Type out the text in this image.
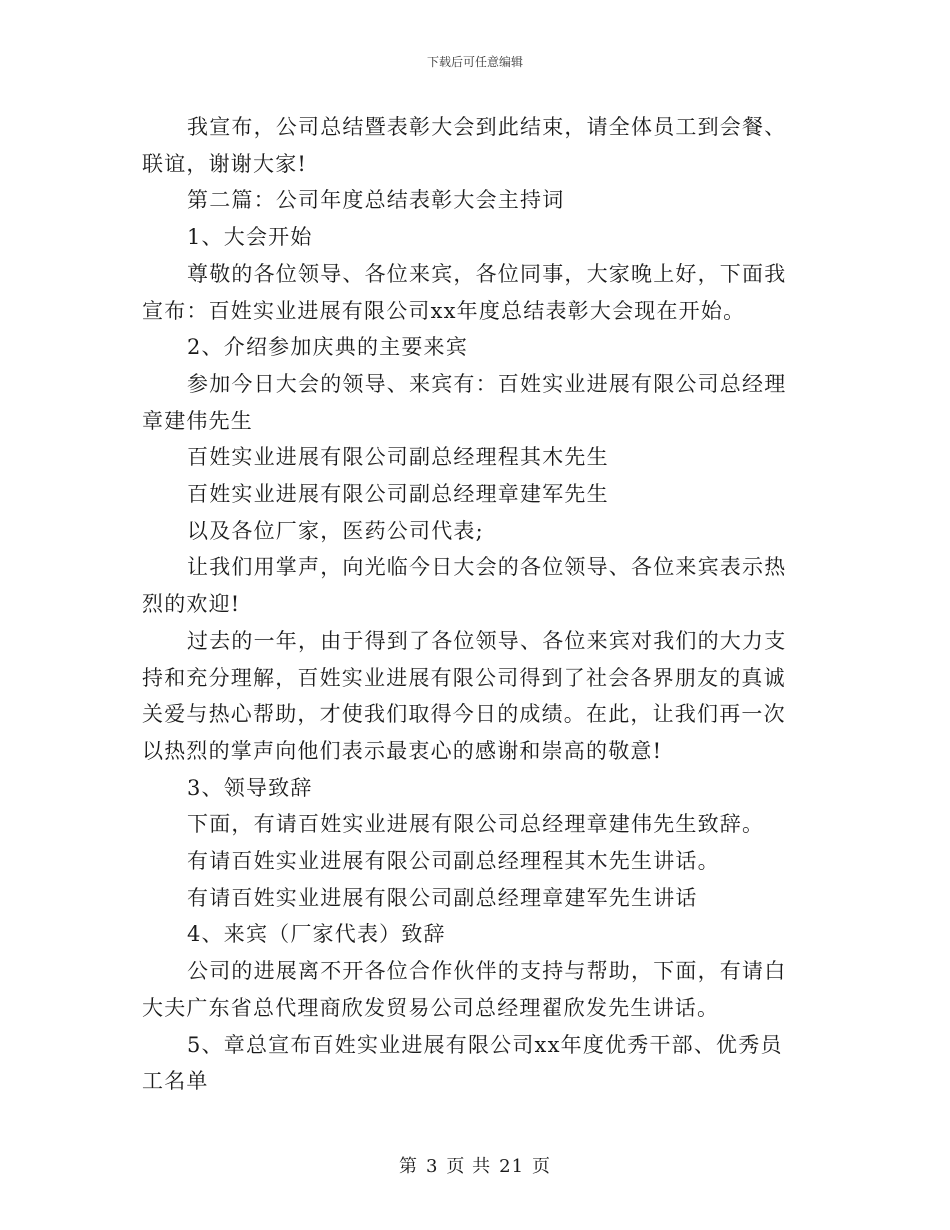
下载后可任意编辑

我宣布，公司总结暨表彰大会到此结束，请全体员工到会餐、联谊，谢谢大家!

第二篇：公司年度总结表彰大会主持词

1、大会开始

尊敬的各位领导、各位来宾，各位同事，大家晚上好，下面我宣布：百姓实业进展有限公司xx年度总结表彰大会现在开始。

2、介绍参加庆典的主要来宾

参加今日大会的领导、来宾有：百姓实业进展有限公司总经理章建伟先生

百姓实业进展有限公司副总经理程其木先生

百姓实业进展有限公司副总经理章建军先生

以及各位厂家，医药公司代表;

让我们用掌声，向光临今日大会的各位领导、各位来宾表示热烈的欢迎!

过去的一年，由于得到了各位领导、各位来宾对我们的大力支持和充分理解，百姓实业进展有限公司得到了社会各界朋友的真诚关爱与热心帮助，才使我们取得今日的成绩。在此，让我们再一次以热烈的掌声向他们表示最衷心的感谢和崇高的敬意!

3、领导致辞

下面，有请百姓实业进展有限公司总经理章建伟先生致辞。

有请百姓实业进展有限公司副总经理程其木先生讲话。

有请百姓实业进展有限公司副总经理章建军先生讲话

4、来宾（厂家代表）致辞

公司的进展离不开各位合作伙伴的支持与帮助，下面，有请白大夫广东省总代理商欣发贸易公司总经理翟欣发先生讲话。

5、章总宣布百姓实业进展有限公司xx年度优秀干部、优秀员工名单

第 3 页 共 21 页
